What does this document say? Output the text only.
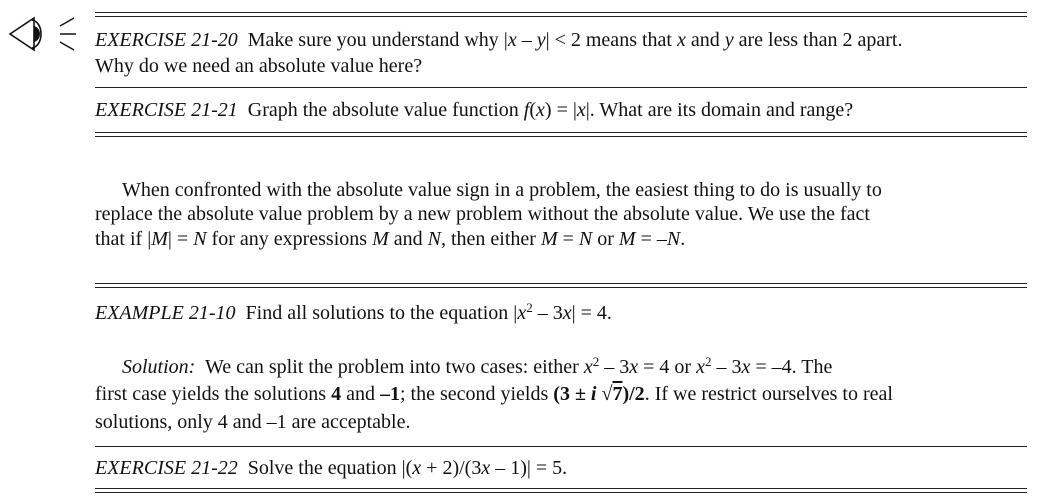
EXERCISE 21-20 Make sure you understand why |x – y| < 2 means that x and y are less than 2 apart.
Why do we need an absolute value here?
EXERCISE 21-21 Graph the absolute value function f(x) = |x|. What are its domain and range?
When confronted with the absolute value sign in a problem, the easiest thing to do is usually to
replace the absolute value problem by a new problem without the absolute value. We use the fact
that if |M| = N for any expressions M and N, then either M = N or M = –N.
EXAMPLE 21-10 Find all solutions to the equation $|x^2 - 3x| = 4$.
Solution: We can split the problem into two cases: either $x^2 - 3x = 4$ or $x^2 - 3x = -4$. The
first case yields the solutions 4 and –1; the second yields (3 ± i √7)/2. If we restrict ourselves to real
solutions, only 4 and –1 are acceptable.
EXERCISE 21-22 Solve the equation |(x + 2)/(3x – 1)| = 5.
